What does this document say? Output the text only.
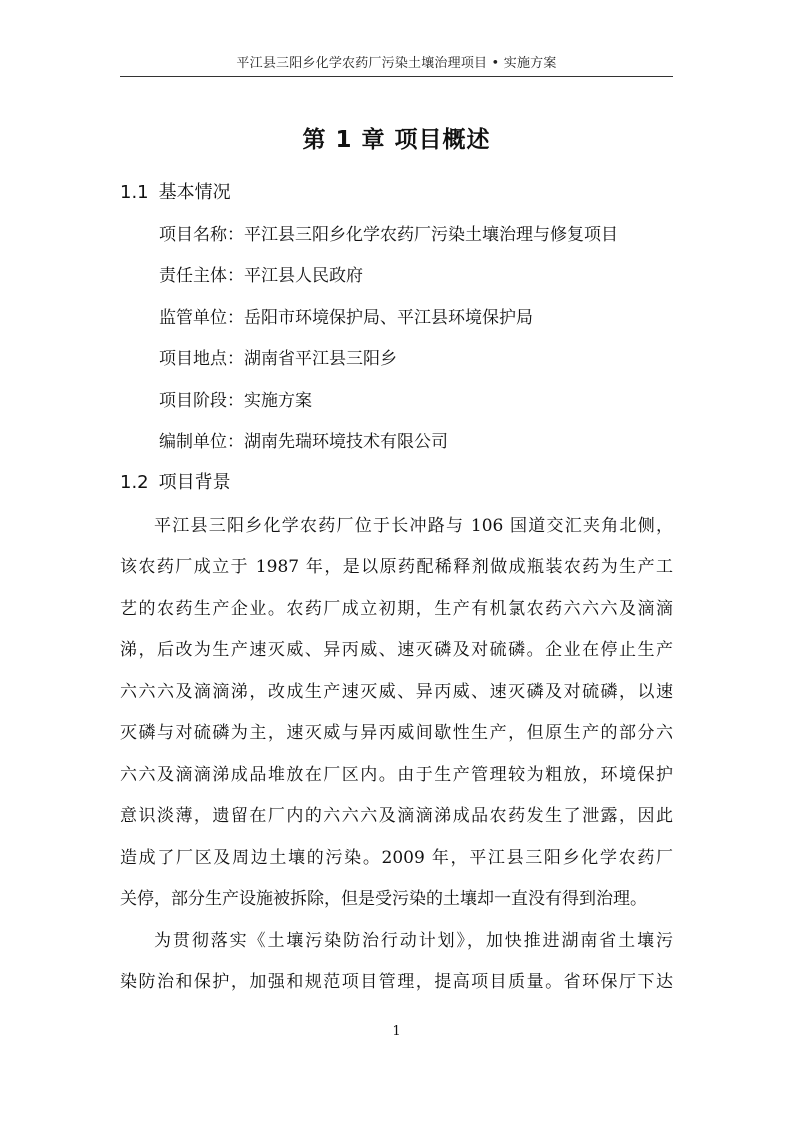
平江县三阳乡化学农药厂污染土壤治理项目 • 实施方案
第 1 章 项目概述
1.1 基本情况
项目名称：平江县三阳乡化学农药厂污染土壤治理与修复项目
责任主体：平江县人民政府
监管单位：岳阳市环境保护局、平江县环境保护局
项目地点：湖南省平江县三阳乡
项目阶段：实施方案
编制单位：湖南先瑞环境技术有限公司
1.2 项目背景
平江县三阳乡化学农药厂位于长冲路与 106 国道交汇夹角北侧，
该农药厂成立于 1987 年，是以原药配稀释剂做成瓶装农药为生产工
艺的农药生产企业。农药厂成立初期，生产有机氯农药六六六及滴滴
涕，后改为生产速灭威、异丙威、速灭磷及对硫磷。企业在停止生产
六六六及滴滴涕，改成生产速灭威、异丙威、速灭磷及对硫磷，以速
灭磷与对硫磷为主，速灭威与异丙威间歇性生产，但原生产的部分六
六六及滴滴涕成品堆放在厂区内。由于生产管理较为粗放，环境保护
意识淡薄，遗留在厂内的六六六及滴滴涕成品农药发生了泄露，因此
造成了厂区及周边土壤的污染。2009 年，平江县三阳乡化学农药厂
关停，部分生产设施被拆除，但是受污染的土壤却一直没有得到治理。
为贯彻落实《土壤污染防治行动计划》，加快推进湖南省土壤污
染防治和保护，加强和规范项目管理，提高项目质量。省环保厅下达
1
